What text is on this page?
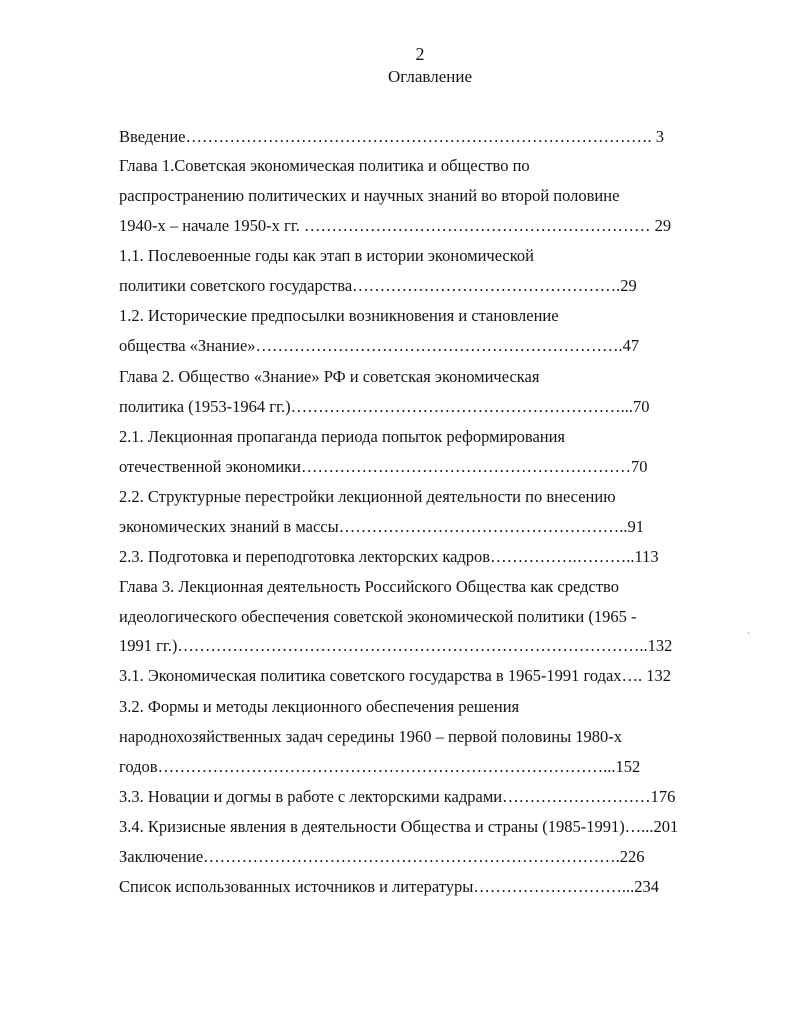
2
Оглавление
Введение…………………………………………………………………………. 3
Глава 1.Советская экономическая политика и общество по
распространению политических и научных знаний во второй половине
1940-х – начале 1950-х гг. ……………………………………………………… 29
1.1. Послевоенные годы как этап в истории экономической
политики советского государства………………………………………….29
1.2. Исторические предпосылки возникновения и становление
общества «Знание»………………………………………………………….47
Глава 2. Общество «Знание» РФ и советская экономическая
политика (1953-1964 гг.)……………………………………………………...70
2.1. Лекционная пропаганда периода попыток реформирования
отечественной экономики……………………………………………………70
2.2. Структурные перестройки лекционной деятельности по внесению
экономических знаний в массы……………………………………………..91
2.3. Подготовка и переподготовка лекторских кадров…………….………..113
Глава 3. Лекционная деятельность Российского Общества как средство
идеологического обеспечения советской экономической политики (1965 -
1991 гг.)…………………………………………………………………………..132
3.1. Экономическая политика советского государства в 1965-1991 годах…. 132
3.2. Формы и методы лекционного обеспечения решения
народнохозяйственных задач середины 1960 – первой половины 1980-х
годов………………………………………………………………………...152
3.3. Новации и догмы в работе с лекторскими кадрами………………………176
3.4. Кризисные явления в деятельности Общества и страны (1985-1991)…...201
Заключение………………………………………………………………….226
Список использованных источников и литературы………………………...234
`
